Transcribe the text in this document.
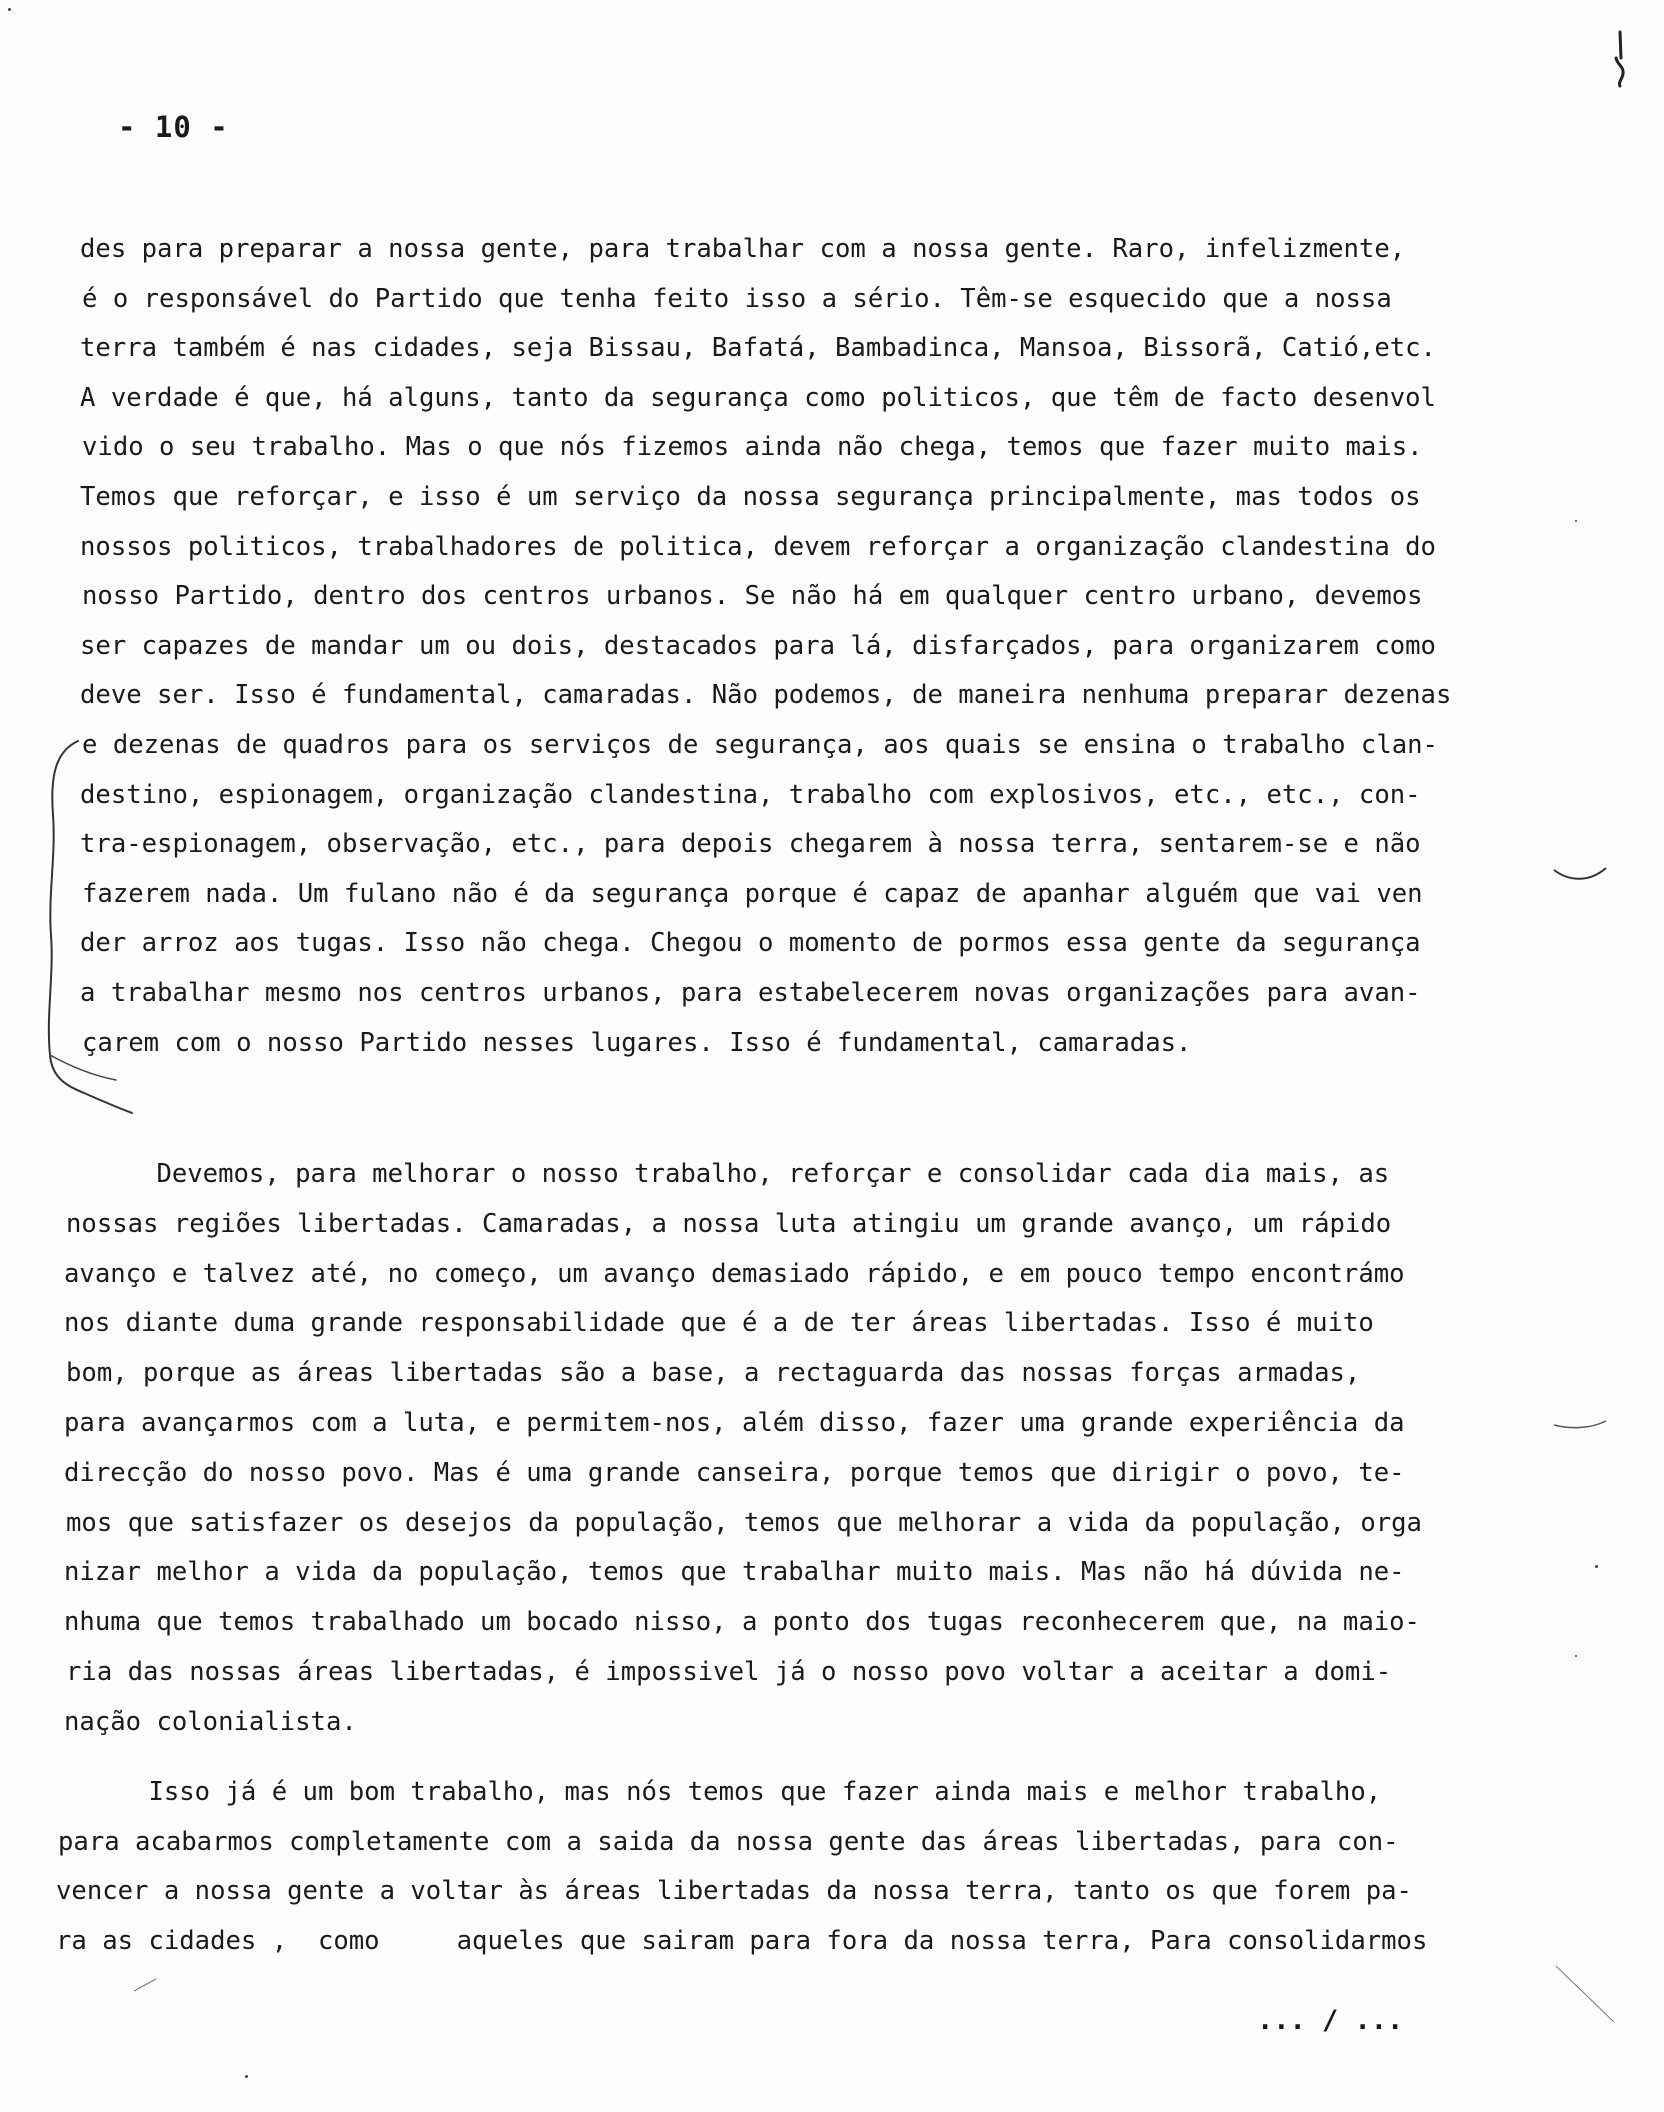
- 10 -
des para preparar a nossa gente, para trabalhar com a nossa gente. Raro, infelizmente,
é o responsável do Partido que tenha feito isso a sério. Têm-se esquecido que a nossa
terra também é nas cidades, seja Bissau, Bafatá, Bambadinca, Mansoa, Bissorã, Catió,etc.
A verdade é que, há alguns, tanto da segurança como politicos, que têm de facto desenvol
vido o seu trabalho. Mas o que nós fizemos ainda não chega, temos que fazer muito mais.
Temos que reforçar, e isso é um serviço da nossa segurança principalmente, mas todos os
nossos politicos, trabalhadores de politica, devem reforçar a organização clandestina do
nosso Partido, dentro dos centros urbanos. Se não há em qualquer centro urbano, devemos
ser capazes de mandar um ou dois, destacados para lá, disfarçados, para organizarem como
deve ser. Isso é fundamental, camaradas. Não podemos, de maneira nenhuma preparar dezenas
e dezenas de quadros para os serviços de segurança, aos quais se ensina o trabalho clan-
destino, espionagem, organização clandestina, trabalho com explosivos, etc., etc., con-
tra-espionagem, observação, etc., para depois chegarem à nossa terra, sentarem-se e não
fazerem nada. Um fulano não é da segurança porque é capaz de apanhar alguém que vai ven
der arroz aos tugas. Isso não chega. Chegou o momento de pormos essa gente da segurança
a trabalhar mesmo nos centros urbanos, para estabelecerem novas organizações para avan-
çarem com o nosso Partido nesses lugares. Isso é fundamental, camaradas.
Devemos, para melhorar o nosso trabalho, reforçar e consolidar cada dia mais, as
nossas regiões libertadas. Camaradas, a nossa luta atingiu um grande avanço, um rápido
avanço e talvez até, no começo, um avanço demasiado rápido, e em pouco tempo encontrámo
nos diante duma grande responsabilidade que é a de ter áreas libertadas. Isso é muito
bom, porque as áreas libertadas são a base, a rectaguarda das nossas forças armadas,
para avançarmos com a luta, e permitem-nos, além disso, fazer uma grande experiência da
direcção do nosso povo. Mas é uma grande canseira, porque temos que dirigir o povo, te-
mos que satisfazer os desejos da população, temos que melhorar a vida da população, orga
nizar melhor a vida da população, temos que trabalhar muito mais. Mas não há dúvida ne-
nhuma que temos trabalhado um bocado nisso, a ponto dos tugas reconhecerem que, na maio-
ria das nossas áreas libertadas, é impossivel já o nosso povo voltar a aceitar a domi-
nação colonialista.
Isso já é um bom trabalho, mas nós temos que fazer ainda mais e melhor trabalho,
para acabarmos completamente com a saida da nossa gente das áreas libertadas, para con-
vencer a nossa gente a voltar às áreas libertadas da nossa terra, tanto os que forem pa-
ra as cidades ,  como     aqueles que sairam para fora da nossa terra, Para consolidarmos
... / ...
